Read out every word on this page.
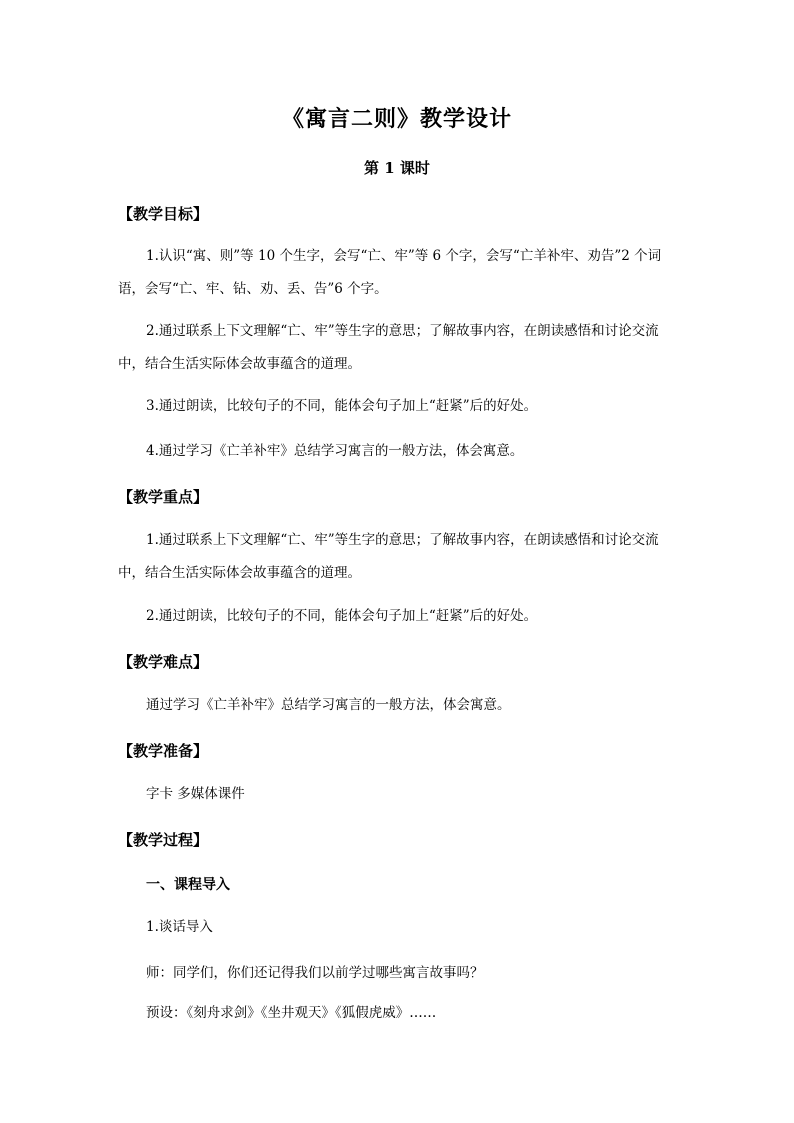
《寓言二则》教学设计
第 1 课时
【教学目标】
1.认识“寓、则”等 10 个生字，会写“亡、牢”等 6 个字，会写“亡羊补牢、劝告”2 个词语，会写“亡、牢、钻、劝、丢、告”6 个字。
2.通过联系上下文理解“亡、牢”等生字的意思；了解故事内容，在朗读感悟和讨论交流中，结合生活实际体会故事蕴含的道理。
3.通过朗读，比较句子的不同，能体会句子加上“赶紧”后的好处。
4.通过学习《亡羊补牢》总结学习寓言的一般方法，体会寓意。
【教学重点】
1.通过联系上下文理解“亡、牢”等生字的意思；了解故事内容，在朗读感悟和讨论交流中，结合生活实际体会故事蕴含的道理。
2.通过朗读，比较句子的不同，能体会句子加上“赶紧”后的好处。
【教学难点】
通过学习《亡羊补牢》总结学习寓言的一般方法，体会寓意。
【教学准备】
字卡 多媒体课件
【教学过程】
一、课程导入
1.谈话导入
师：同学们，你们还记得我们以前学过哪些寓言故事吗？
预设：《刻舟求剑》《坐井观天》《狐假虎威》……
